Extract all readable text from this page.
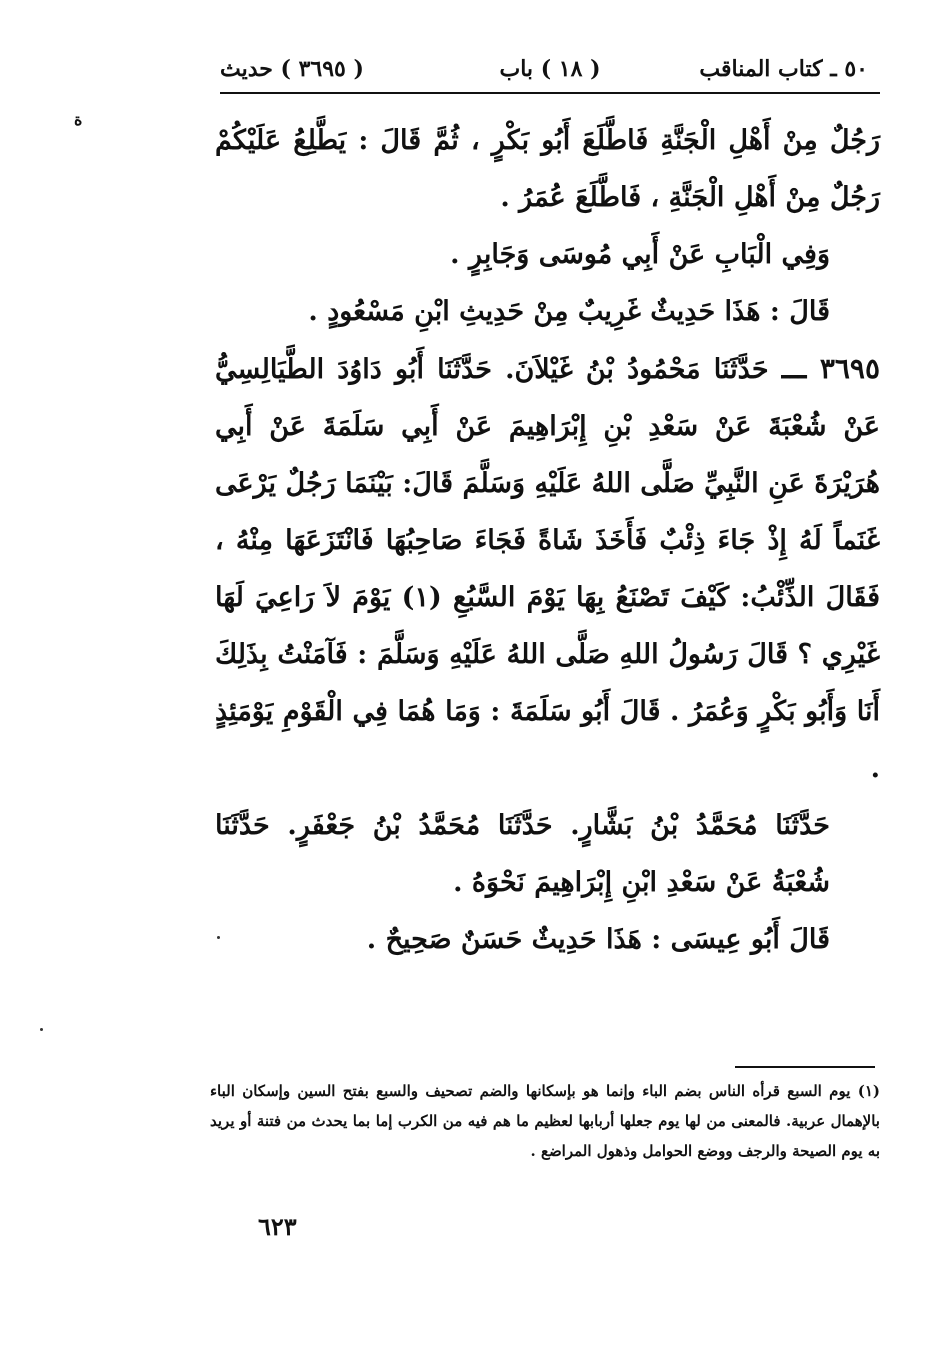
٥٠ ـ كتاب المناقب
( ١٨ ) باب
( ٣٦٩٥ ) حديث
ة

رَجُلٌ مِنْ أَهْلِ الْجَنَّةِ فَاطَّلَعَ أَبُو بَكْرٍ ، ثُمَّ قَالَ : يَطَّلِعُ عَلَيْكُمْ رَجُلٌ مِنْ أَهْلِ الْجَنَّةِ ، فَاطَّلَعَ عُمَرُ .

وَفِي الْبَابِ عَنْ أَبِي مُوسَى وَجَابِرٍ .

قَالَ : هَذَا حَدِيثٌ غَرِيبٌ مِنْ حَدِيثِ ابْنِ مَسْعُودٍ .

٣٦٩٥ ـــ حَدَّثَنَا مَحْمُودُ بْنُ غَيْلاَنَ. حَدَّثَنَا أَبُو دَاوُدَ الطَّيَالِسِيُّ عَنْ شُعْبَةَ عَنْ سَعْدِ بْنِ إِبْرَاهِيمَ عَنْ أَبِي سَلَمَةَ عَنْ أَبِي هُرَيْرَةَ عَنِ النَّبِيِّ صَلَّى اللهُ عَلَيْهِ وَسَلَّمَ قَالَ: بَيْنَمَا رَجُلٌ يَرْعَى غَنَماً لَهُ إِذْ جَاءَ ذِئْبٌ فَأَخَذَ شَاةً فَجَاءَ صَاحِبُهَا فَانْتَزَعَهَا مِنْهُ ، فَقَالَ الذِّئْبُ: كَيْفَ تَصْنَعُ بِهَا يَوْمَ السَّبُعِ (١) يَوْمَ لاَ رَاعِيَ لَهَا غَيْرِي ؟ قَالَ رَسُولُ اللهِ صَلَّى اللهُ عَلَيْهِ وَسَلَّمَ : فَآمَنْتُ بِذَلِكَ أَنَا وَأَبُو بَكْرٍ وَعُمَرُ . قَالَ أَبُو سَلَمَةَ : وَمَا هُمَا فِي الْقَوْمِ يَوْمَئِذٍ .

حَدَّثَنَا مُحَمَّدُ بْنُ بَشَّارٍ. حَدَّثَنَا مُحَمَّدُ بْنُ جَعْفَرٍ. حَدَّثَنَا شُعْبَةُ عَنْ سَعْدِ ابْنِ إِبْرَاهِيمَ نَحْوَهُ .

قَالَ أَبُو عِيسَى : هَذَا حَدِيثٌ حَسَنٌ صَحِيحٌ .

(١) يوم السبع قرأه الناس بضم الباء وإنما هو بإسكانها والضم تصحيف والسبع بفتح السين وإسكان الباء بالإهمال عربية. فالمعنى من لها يوم جعلها أربابها لعظيم ما هم فيه من الكرب إما بما يحدث من فتنة أو يريد به يوم الصيحة والرجف ووضع الحوامل وذهول المراضع .

٦٢٣
